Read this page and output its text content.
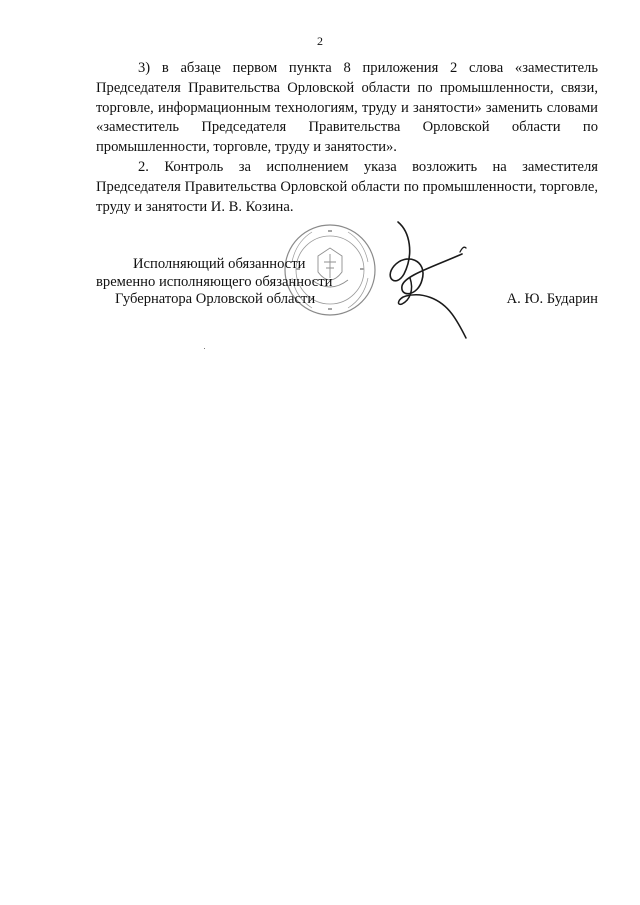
2

3) в абзаце первом пункта 8 приложения 2 слова «заместитель Председателя Правительства Орловской области по промышленности, связи, торговле, информационным технологиям, труду и занятости» заменить словами «заместитель Председателя Правительства Орловской области по промышленности, торговле, труду и занятости».

2. Контроль за исполнением указа возложить на заместителя Председателя Правительства Орловской области по промышленности, торговле, труду и занятости И. В. Козина.

Исполняющий обязанности
временно исполняющего обязанности
Губернатора Орловской области	А. Ю. Бударин
